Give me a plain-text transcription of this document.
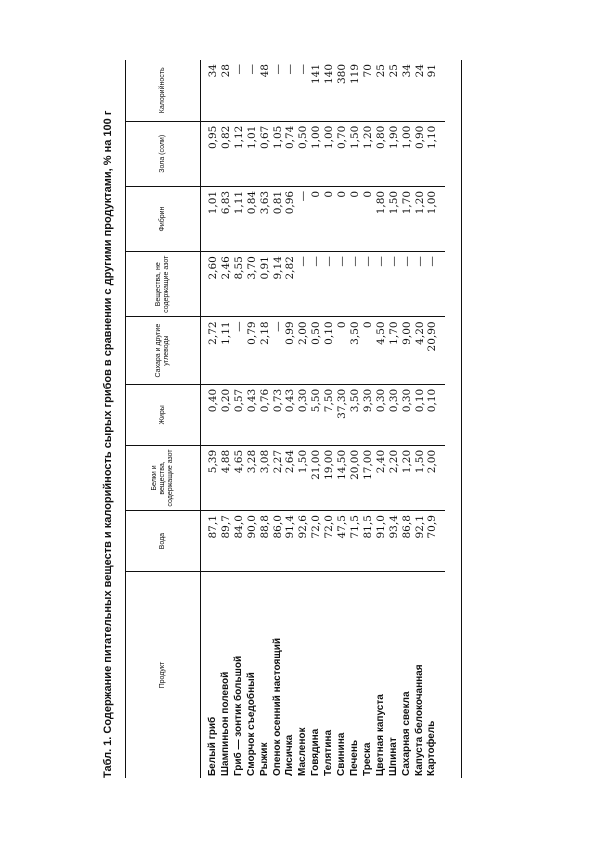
Табл. 1. Содержание питательных веществ и калорийность сырых грибов в сравнении с другими продуктами, % на 100 г	Продукт	Вода	Белки и вещества, содержащие азот	Жиры	Сахара и другие углеводы	Вещества, не содержащие азот	Фибрин	Зола (соли)	Калорийность
Белый гриб	87,1	5,39	0,40	2,72	2,60	1,01	0,95	34
Шампиньон полевой	89,7	4,88	0,20	1,11	2,46	6,83	0,82	28
Гриб — зонтик большой	84,0	4,65	0,57	—	8,55	1,11	1,12	—
Сморчок съедобный	90,0	3,28	0,43	0,79	3,70	0,84	1,01	—
Рыжик	88,8	3,08	0,76	2,18	0,91	3,63	0,67	48
Опенок осенний настоящий	86,0	2,27	0,73	—	9,14	0,81	1,05	—
Лисичка	91,4	2,64	0,43	0,99	2,82	0,96	0,74	—
Масленок	92,6	1,50	0,30	2,00	—	—	0,50	—
Говядина	72,0	21,00	5,50	0,50	—	0	1,00	141
Телятина	72,0	19,00	7,50	0,10	—	0	1,00	140
Свинина	47,5	14,50	37,30	0	—	0	0,70	380
Печень	71,5	20,00	3,50	3,50	—	0	1,50	119
Треска	81,5	17,00	9,30	0	—	0	1,20	70
Цветная капуста	91,0	2,40	0,30	4,50	—	1,80	0,80	25
Шпинат	93,4	2,20	0,30	1,70	—	1,50	1,90	25
Сахарная свекла	86,8	1,20	0,30	9,00	—	1,70	1,00	34
Капуста белокочанная	92,1	1,50	0,10	4,20	—	1,20	0,90	24
Картофель	70,9	2,00	0,10	20,90	—	1,00	1,10	91
